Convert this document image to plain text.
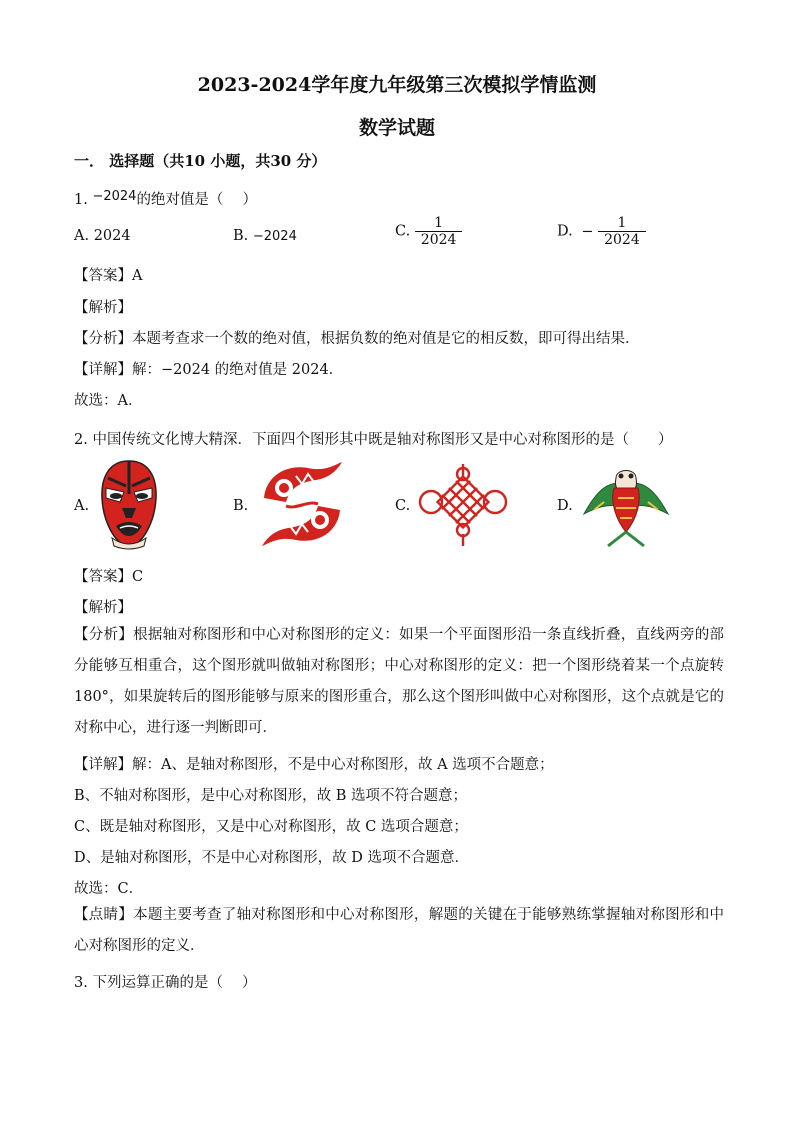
2023-2024学年度九年级第三次模拟学情监测
数学试题
一． 选择题（共10 小题，共30 分）
1. −2024的绝对值是（　 ）
A. 2024	B. −2024	C. $\frac{1}{2024}$	D. − $\frac{1}{2024}$
【答案】A
【解析】
【分析】本题考查求一个数的绝对值，根据负数的绝对值是它的相反数，即可得出结果．
【详解】解：−2024 的绝对值是 2024．
故选：A．
2. 中国传统文化博大精深．下面四个图形其中既是轴对称图形又是中心对称图形的是（　　）
A.	B.	C.	D.
【答案】C
【解析】
【分析】根据轴对称图形和中心对称图形的定义：如果一个平面图形沿一条直线折叠，直线两旁的部分能够互相重合，这个图形就叫做轴对称图形；中心对称图形的定义：把一个图形绕着某一个点旋转180°，如果旋转后的图形能够与原来的图形重合，那么这个图形叫做中心对称图形，这个点就是它的对称中心，进行逐一判断即可．
【详解】解：A、是轴对称图形，不是中心对称图形，故 A 选项不合题意；
B、不轴对称图形，是中心对称图形，故 B 选项不符合题意；
C、既是轴对称图形，又是中心对称图形，故 C 选项合题意；
D、是轴对称图形，不是中心对称图形，故 D 选项不合题意．
故选：C．
【点睛】本题主要考查了轴对称图形和中心对称图形，解题的关键在于能够熟练掌握轴对称图形和中心对称图形的定义．
3. 下列运算正确的是（　 ）
